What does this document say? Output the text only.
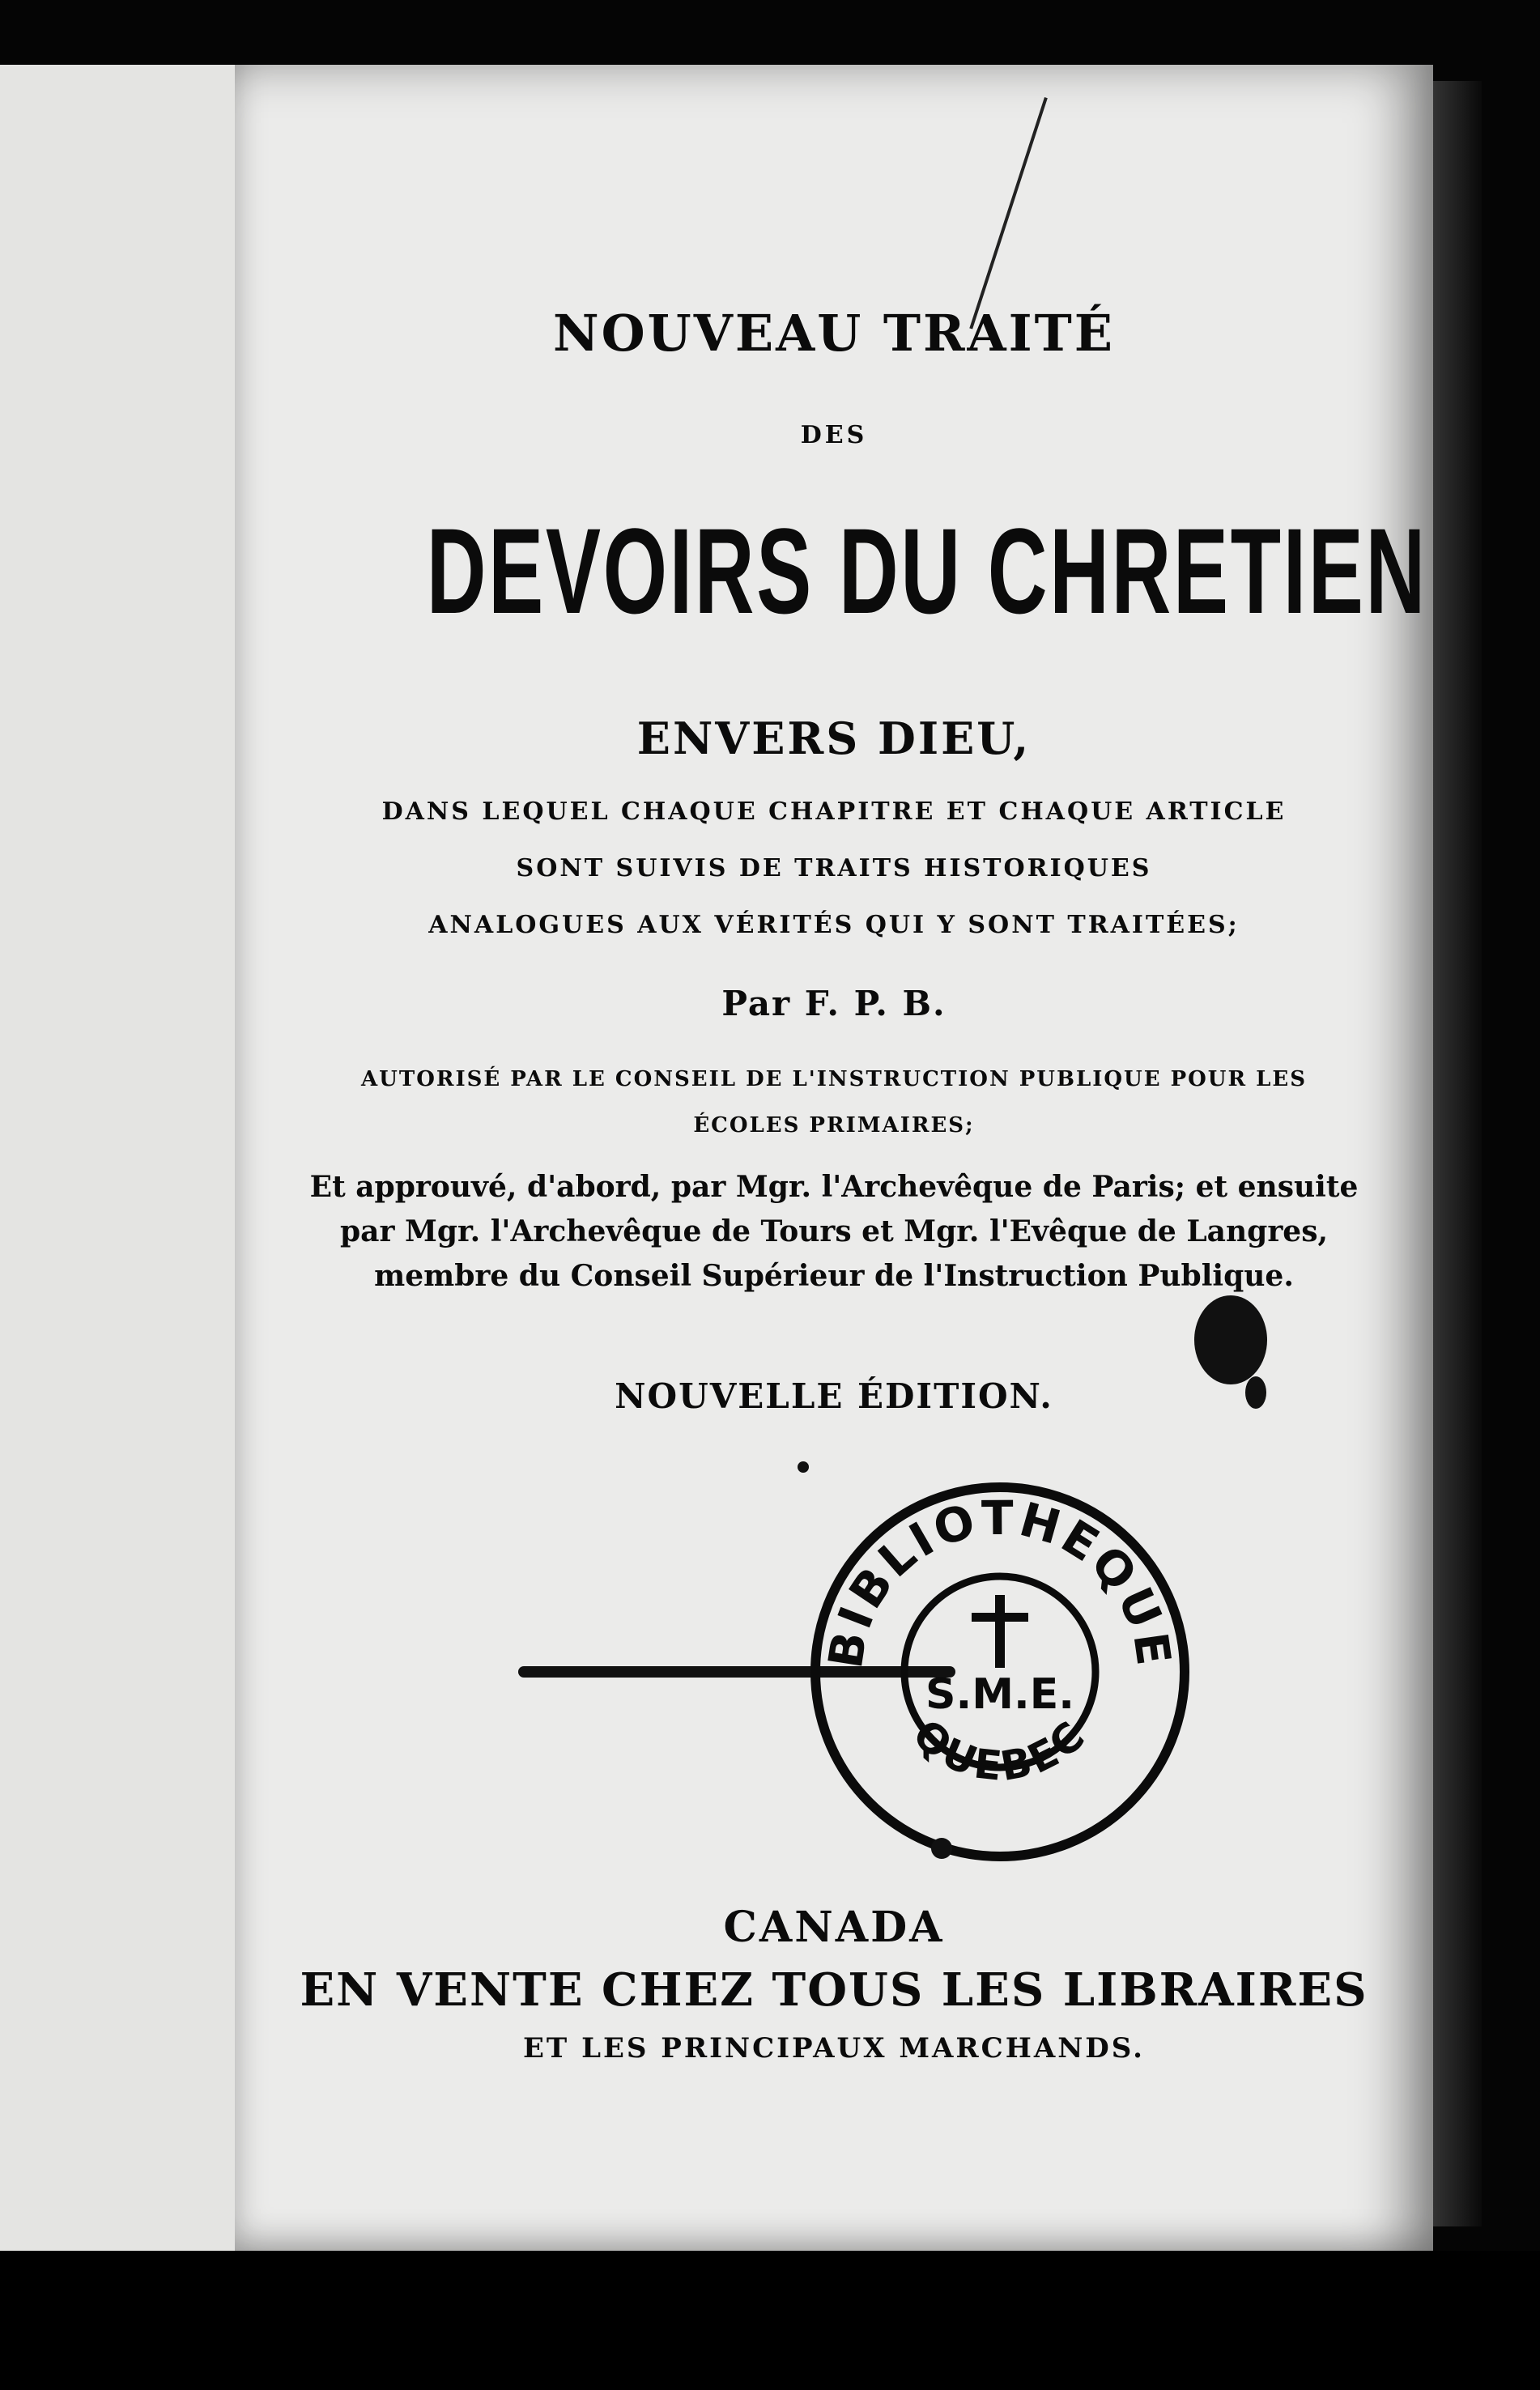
NOUVEAU TRAITÉ
DES
DEVOIRS DU CHRETIEN
ENVERS DIEU,
DANS LEQUEL CHAQUE CHAPITRE ET CHAQUE ARTICLE
SONT SUIVIS DE TRAITS HISTORIQUES
ANALOGUES AUX VÉRITÉS QUI Y SONT TRAITÉES;
Par F. P. B.
AUTORISÉ PAR LE CONSEIL DE L'INSTRUCTION PUBLIQUE POUR LES
ÉCOLES PRIMAIRES;
Et approuvé, d'abord, par Mgr. l'Archevêque de Paris; et ensuite
par Mgr. l'Archevêque de Tours et Mgr. l'Evêque de Langres,
membre du Conseil Supérieur de l'Instruction Publique.
NOUVELLE ÉDITION.
CANADA
EN VENTE CHEZ TOUS LES LIBRAIRES
ET LES PRINCIPAUX MARCHANDS.
BIBLIOTHEQUE
QUEBEC
S.M.E.
